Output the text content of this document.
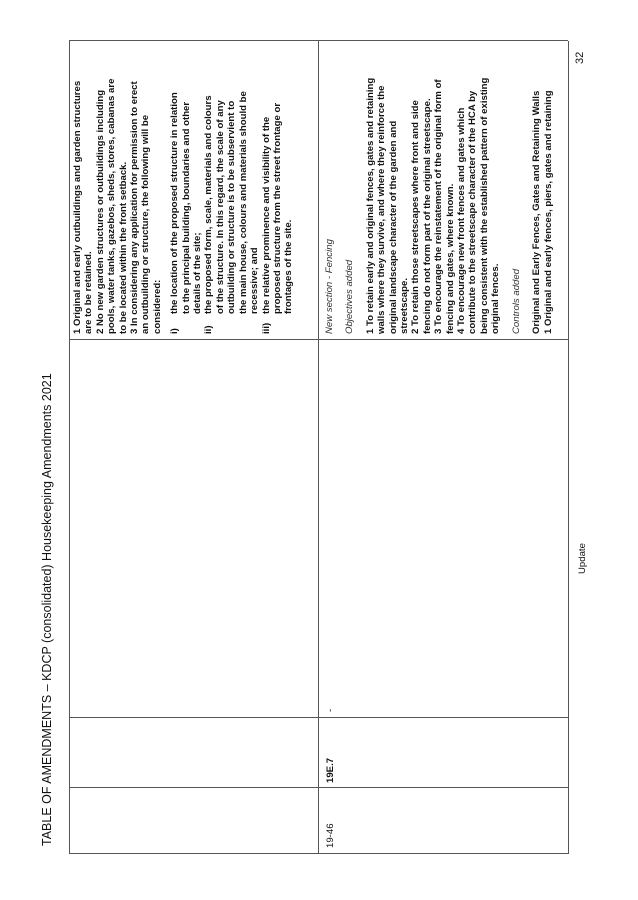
TABLE OF AMENDMENTS – KDCP (consolidated) Housekeeping Amendments 2021
32
19-46
19E.7
-
1 Original and early outbuildings and garden structures are to be retained. 2 No new garden structures or outbuildings including pools, water tanks, gazebos, sheds, stores, cabanas are to be located within the front setback. 3 In considering any application for permission to erect an outbuilding or structure, the following will be considered: i)
the location of the proposed structure in relation to the principal building, boundaries and other details of the site;
ii)
the proposed form, scale, materials and colours of the structure. In this regard, the scale of any outbuilding or structure is to be subservient to the main house, colours and materials should be recessive; and
iii)
the relative prominence and visibility of the proposed structure from the street frontage or frontages of the site.	New section - Fencing Objectives added 1 To retain early and original fences, gates and retaining walls where they survive, and where they reinforce the original landscape character of the garden and streetscape. 2 To retain those streetscapes where front and side fencing do not form part of the original streetscape. 3 To encourage the reinstatement of the original form of fencing and gates, where known. 4 To encourage new front fences and gates which contribute to the streetscape character of the HCA by being consistent with the established pattern of existing original fences. Controls added Original and Early Fences, Gates and Retaining Walls 1 Original and early fences, piers, gates and retaining
Update
